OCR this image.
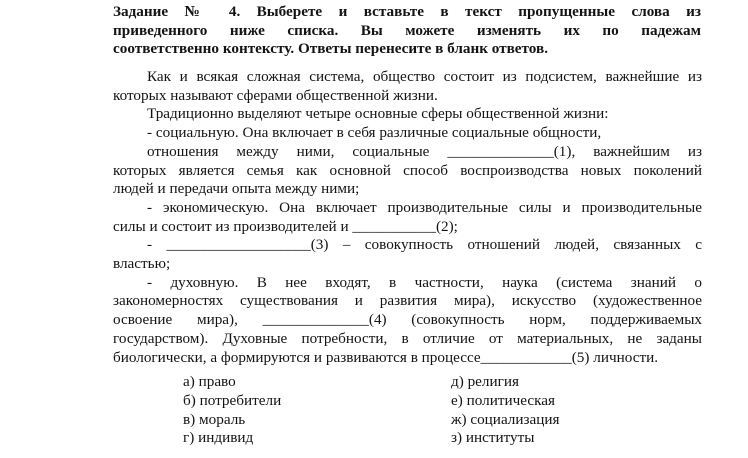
Задание № 4. Выберете и вставьте в текст пропущенные слова из
приведенного ниже списка. Вы можете изменять их по падежам
соответственно контексту. Ответы перенесите в бланк ответов.
Как и всякая сложная система, общество состоит из подсистем, важнейшие из
которых называют сферами общественной жизни.
Традиционно выделяют четыре основные сферы общественной жизни:
- социальную. Она включает в себя различные социальные общности,
отношения между ними, социальные ______________(1), важнейшим из
которых является семья как основной способ воспроизводства новых поколений
людей и передачи опыта между ними;
- экономическую. Она включает производительные силы и производительные
силы и состоит из производителей и ___________(2);
- ___________________(3) – совокупность отношений людей, связанных с
властью;
- духовную. В нее входят, в частности, наука (система знаний о
закономерностях существования и развития мира), искусство (художественное
освоение мира), ______________(4) (совокупность норм, поддерживаемых
государством). Духовные потребности, в отличие от материальных, не заданы
биологически, а формируются и развиваются в процессе____________(5) личности.
а) право	д) религия
б) потребители	е) политическая
в) мораль	ж) социализация
г) индивид	з) институты
